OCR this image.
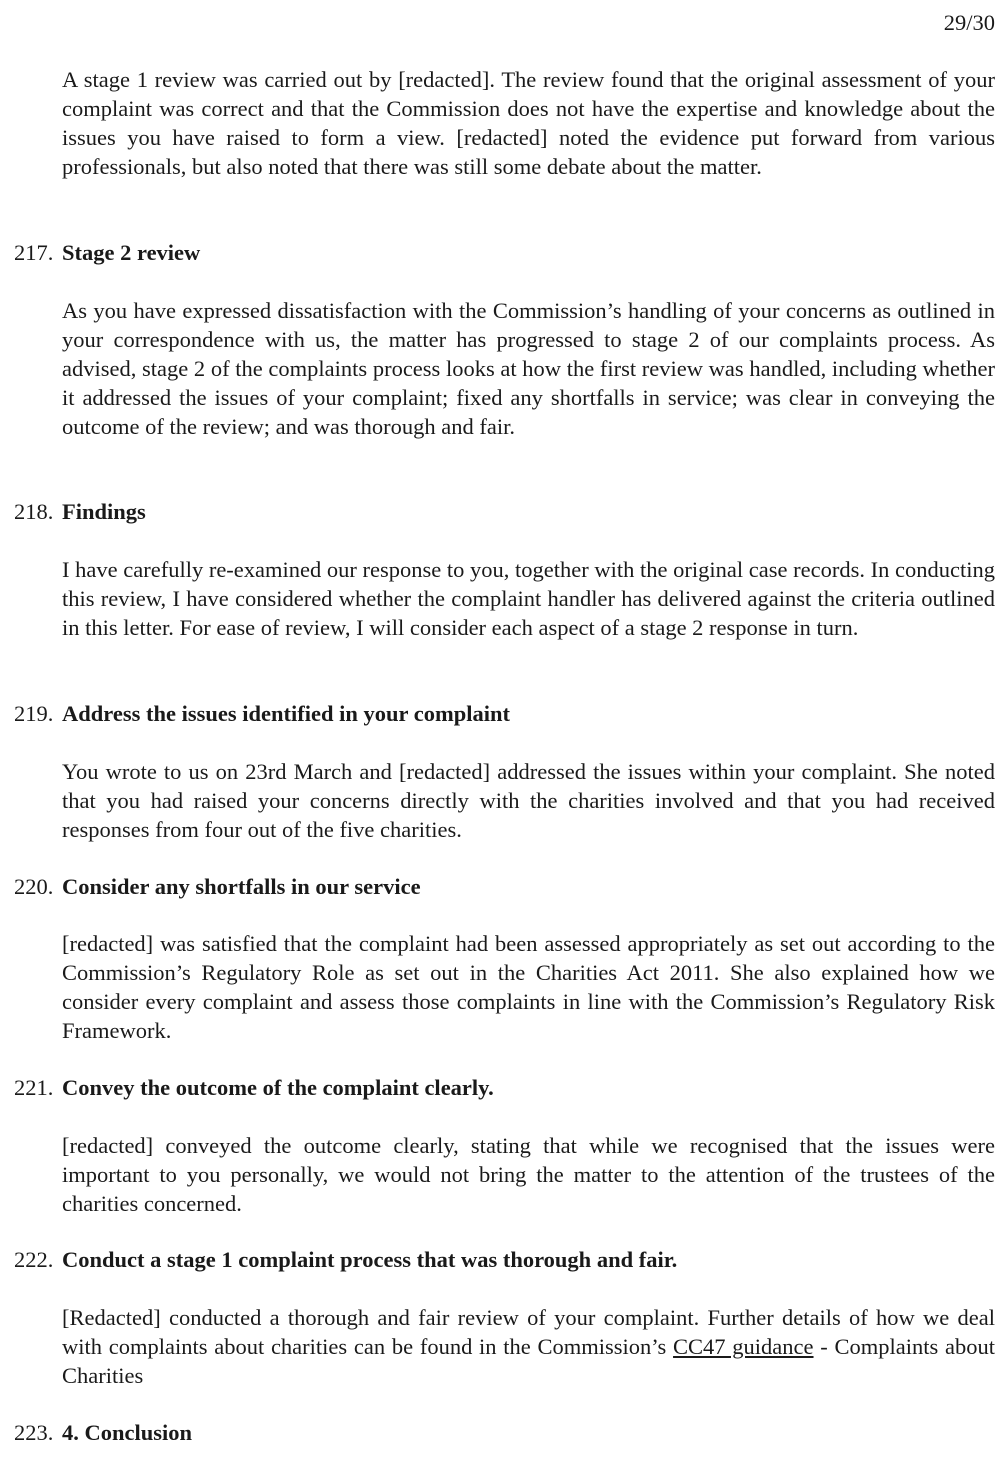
29/30

A stage 1 review was carried out by [redacted]. The review found that the original assessment of your complaint was correct and that the Commission does not have the expertise and knowledge about the issues you have raised to form a view. [redacted] noted the evidence put forward from various professionals, but also noted that there was still some debate about the matter.

217. Stage 2 review

As you have expressed dissatisfaction with the Commission’s handling of your concerns as outlined in your correspondence with us, the matter has progressed to stage 2 of our complaints process. As advised, stage 2 of the complaints process looks at how the first review was handled, including whether it addressed the issues of your complaint; fixed any shortfalls in service; was clear in conveying the outcome of the review; and was thorough and fair.

218. Findings

I have carefully re-examined our response to you, together with the original case records. In conducting this review, I have considered whether the complaint handler has delivered against the criteria outlined in this letter. For ease of review, I will consider each aspect of a stage 2 response in turn.

219. Address the issues identified in your complaint

You wrote to us on 23rd March and [redacted] addressed the issues within your complaint. She noted that you had raised your concerns directly with the charities involved and that you had received responses from four out of the five charities.

220. Consider any shortfalls in our service

[redacted] was satisfied that the complaint had been assessed appropriately as set out according to the Commission’s Regulatory Role as set out in the Charities Act 2011. She also explained how we consider every complaint and assess those complaints in line with the Commission’s Regulatory Risk Framework.

221. Convey the outcome of the complaint clearly.

[redacted] conveyed the outcome clearly, stating that while we recognised that the issues were important to you personally, we would not bring the matter to the attention of the trustees of the charities concerned.

222. Conduct a stage 1 complaint process that was thorough and fair.

[Redacted] conducted a thorough and fair review of your complaint. Further details of how we deal with complaints about charities can be found in the Commission’s CC47 guidance - Complaints about Charities

223. 4. Conclusion
